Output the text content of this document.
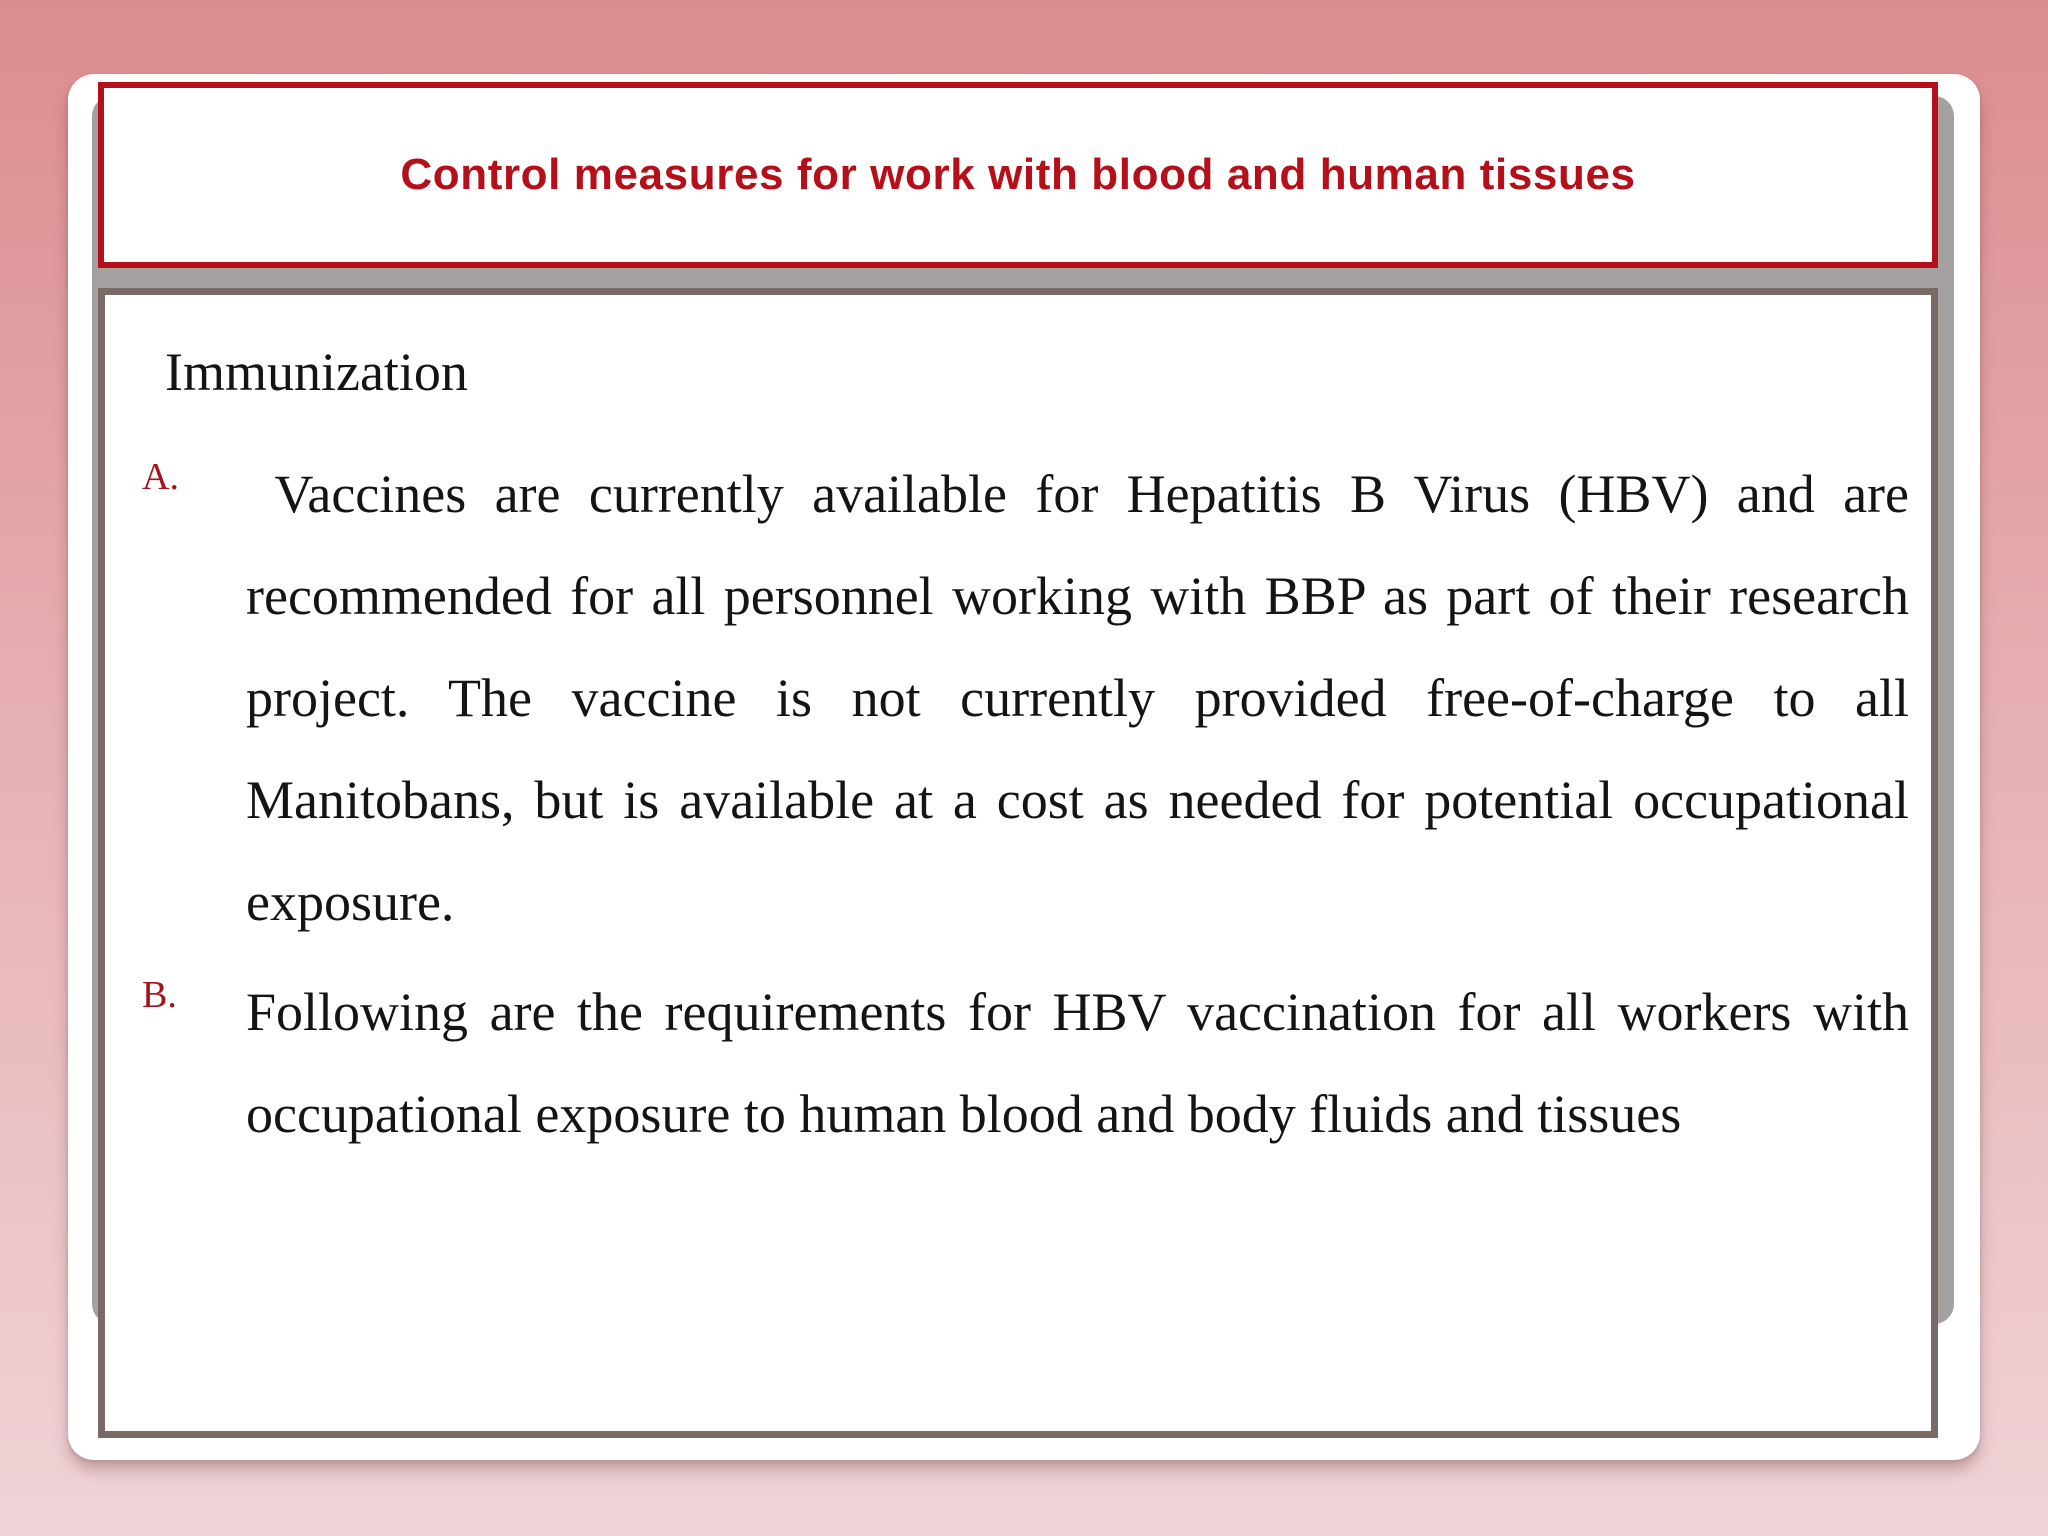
Control measures for work with blood and human tissues
Immunization
A. Vaccines are currently available for Hepatitis B Virus (HBV) and are recommended for all personnel working with BBP as part of their research project. The vaccine is not currently provided free-of-charge to all Manitobans, but is available at a cost as needed for potential occupational exposure.
B. Following are the requirements for HBV vaccination for all workers with occupational exposure to human blood and body fluids and tissues
